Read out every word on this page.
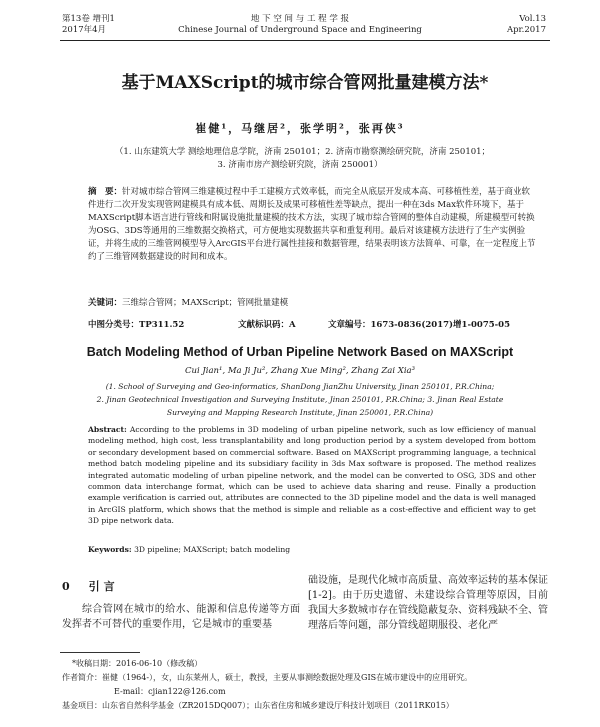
第13卷 增刊1
2017年4月
地 下 空 间 与 工 程 学 报
Chinese Journal of Underground Space and Engineering
Vol.13
Apr.2017
基于MAXScript的城市综合管网批量建模方法*
崔健¹，马继居²，张学明²，张再侠³
（1. 山东建筑大学 测绘地理信息学院，济南 250101；2. 济南市勘察测绘研究院，济南 250101；
3. 济南市房产测绘研究院，济南 250001）
摘　要：针对城市综合管网三维建模过程中手工建模方式效率低，而完全从底层开发成本高、可移植性差，基于商业软件进行二次开发实现管网建模具有成本低、周期长及成果可移植性差等缺点，提出一种在3ds Max软件环境下，基于MAXScript脚本语言进行管线和附属设施批量建模的技术方法，实现了城市综合管网的整体自动建模，所建模型可转换为OSG、3DS等通用的三维数据交换格式，可方便地实现数据共享和重复利用。最后对该建模方法进行了生产实例验证，并将生成的三维管网模型导入ArcGIS平台进行属性挂接和数据管理，结果表明该方法简单、可靠，在一定程度上节约了三维管网数据建设的时间和成本。
关键词：三维综合管网；MAXScript；管网批量建模
中图分类号：TP311.52	文献标识码：A	文章编号：1673-0836(2017)增1-0075-05
Batch Modeling Method of Urban Pipeline Network Based on MAXScript
Cui Jian¹, Ma Ji Ju², Zhang Xue Ming², Zhang Zai Xia³
(1. School of Surveying and Geo-informatics, ShanDong JianZhu University, Jinan 250101, P.R.China;
2. Jinan Geotechnical Investigation and Surveying Institute, Jinan 250101, P.R.China; 3. Jinan Real Estate
Surveying and Mapping Research Institute, Jinan 250001, P.R.China)
Abstract: According to the problems in 3D modeling of urban pipeline network, such as low efficiency of manual modeling method, high cost, less transplantability and long production period by a system developed from bottom or secondary development based on commercial software. Based on MAXScript programming language, a technical method batch modeling pipeline and its subsidiary facility in 3ds Max software is proposed. The method realizes integrated automatic modeling of urban pipeline network, and the model can be converted to OSG, 3DS and other common data interchange format, which can be used to achieve data sharing and reuse. Finally a production example verification is carried out, attributes are connected to the 3D pipeline model and the data is well managed in ArcGIS platform, which shows that the method is simple and reliable as a cost-effective and efficient way to get 3D pipe network data.
Keywords: 3D pipeline; MAXScript; batch modeling
0　引言
综合管网在城市的给水、能源和信息传递等方面发挥者不可替代的重要作用，它是城市的重要基
础设施，是现代化城市高质量、高效率运转的基本保证[1-2]。由于历史遗留、未建设综合管理等原因，目前我国大多数城市存在管线隐蔽复杂、资料残缺不全、管理落后等问题，部分管线超期服役、老化严
*收稿日期：2016-06-10（修改稿）
作者简介：崔健（1964-），女，山东莱州人，硕士，教授，主要从事测绘数据处理及GIS在城市建设中的应用研究。
E-mail：cjian122@126.com
基金项目：山东省自然科学基金（ZR2015DQ007）；山东省住房和城乡建设厅科技计划项目（2011RK015）
